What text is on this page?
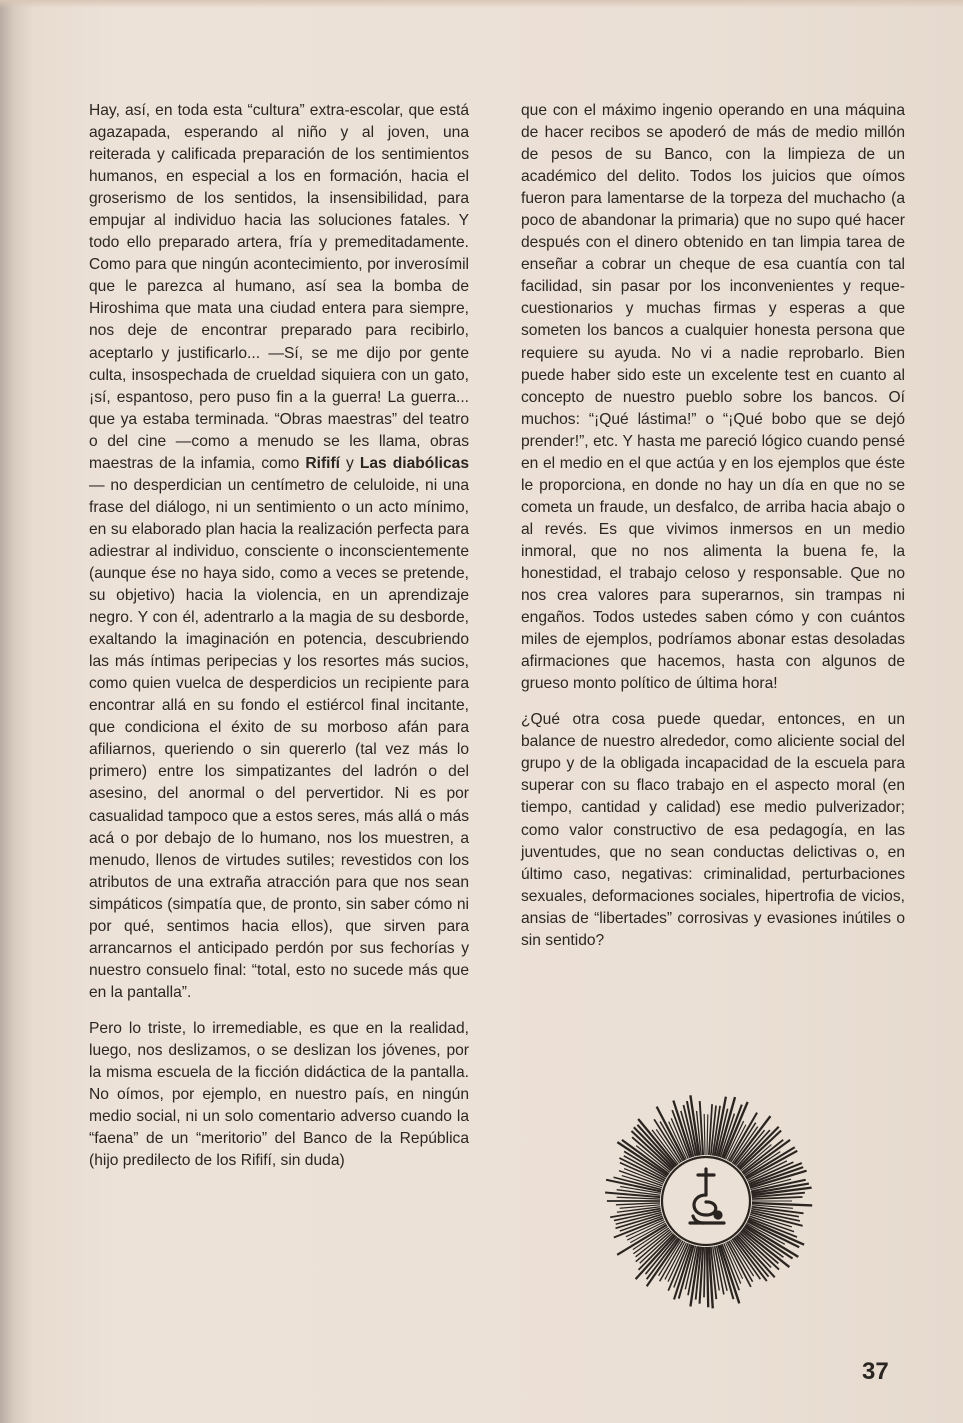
Hay, así, en toda esta “cultura” extra-escolar, que está agazapada, esperando al niño y al joven, una reiterada y calificada preparación de los sentimientos humanos, en especial a los en formación, hacia el groserismo de los sentidos, la insensibilidad, para empujar al individuo hacia las soluciones fatales. Y todo ello preparado artera, fría y premeditadamente. Como para que ningún acontecimiento, por inverosímil que le parezca al humano, así sea la bomba de Hiroshima que mata una ciudad entera para siempre, nos deje de encontrar preparado para recibirlo, aceptarlo y justificarlo... —Sí, se me dijo por gente culta, insospechada de crueldad siquiera con un gato, ¡sí, espantoso, pero puso fin a la guerra! La guerra... que ya estaba terminada. “Obras maestras” del teatro o del cine —como a menudo se les llama, obras maestras de la infamia, como Rififí y Las diabólicas— no desperdician un centímetro de celuloide, ni una frase del diálogo, ni un sentimiento o un acto mínimo, en su elaborado plan hacia la realización perfecta para adiestrar al individuo, consciente o inconscientemente (aunque ése no haya sido, como a veces se pretende, su objetivo) hacia la violencia, en un aprendizaje negro. Y con él, adentrarlo a la magia de su desborde, exaltando la imaginación en potencia, descubriendo las más íntimas peripecias y los resortes más sucios, como quien vuelca de desperdicios un recipiente para encontrar allá en su fondo el estiércol final incitante, que condiciona el éxito de su morboso afán para afiliarnos, queriendo o sin quererlo (tal vez más lo primero) entre los simpatizantes del ladrón o del asesino, del anormal o del pervertidor. Ni es por casualidad tampoco que a estos seres, más allá o más acá o por debajo de lo humano, nos los muestren, a menudo, llenos de virtudes sutiles; revestidos con los atributos de una extraña atracción para que nos sean simpáticos (simpatía que, de pronto, sin saber cómo ni por qué, sentimos hacia ellos), que sirven para arrancarnos el anticipado perdón por sus fechorías y nuestro consuelo final: “total, esto no sucede más que en la pantalla”.

Pero lo triste, lo irremediable, es que en la realidad, luego, nos deslizamos, o se deslizan los jóvenes, por la misma escuela de la ficción didáctica de la pantalla. No oímos, por ejemplo, en nuestro país, en ningún medio social, ni un solo comentario adverso cuando la “faena” de un “meritorio” del Banco de la República (hijo predilecto de los Rififí, sin duda)

que con el máximo ingenio operando en una máquina de hacer recibos se apoderó de más de medio millón de pesos de su Banco, con la limpieza de un académico del delito. Todos los juicios que oímos fueron para lamentarse de la torpeza del muchacho (a poco de abandonar la primaria) que no supo qué hacer después con el dinero obtenido en tan limpia tarea de enseñar a cobrar un cheque de esa cuantía con tal facilidad, sin pasar por los inconvenientes y reque-cuestionarios y muchas firmas y esperas a que someten los bancos a cualquier honesta persona que requiere su ayuda. No vi a nadie reprobarlo. Bien puede haber sido este un excelente test en cuanto al concepto de nuestro pueblo sobre los bancos. Oí muchos: “¡Qué lástima!” o “¡Qué bobo que se dejó prender!”, etc. Y hasta me pareció lógico cuando pensé en el medio en el que actúa y en los ejemplos que éste le proporciona, en donde no hay un día en que no se cometa un fraude, un desfalco, de arriba hacia abajo o al revés. Es que vivimos inmersos en un medio inmoral, que no nos alimenta la buena fe, la honestidad, el trabajo celoso y responsable. Que no nos crea valores para superarnos, sin trampas ni engaños. Todos ustedes saben cómo y con cuántos miles de ejemplos, podríamos abonar estas desoladas afirmaciones que hacemos, hasta con algunos de grueso monto político de última hora!

¿Qué otra cosa puede quedar, entonces, en un balance de nuestro alrededor, como aliciente social del grupo y de la obligada incapacidad de la escuela para superar con su flaco trabajo en el aspecto moral (en tiempo, cantidad y calidad) ese medio pulverizador; como valor constructivo de esa pedagogía, en las juventudes, que no sean conductas delictivas o, en último caso, negativas: criminalidad, perturbaciones sexuales, deformaciones sociales, hipertrofia de vicios, ansias de “libertades” corrosivas y evasiones inútiles o sin sentido?

37
